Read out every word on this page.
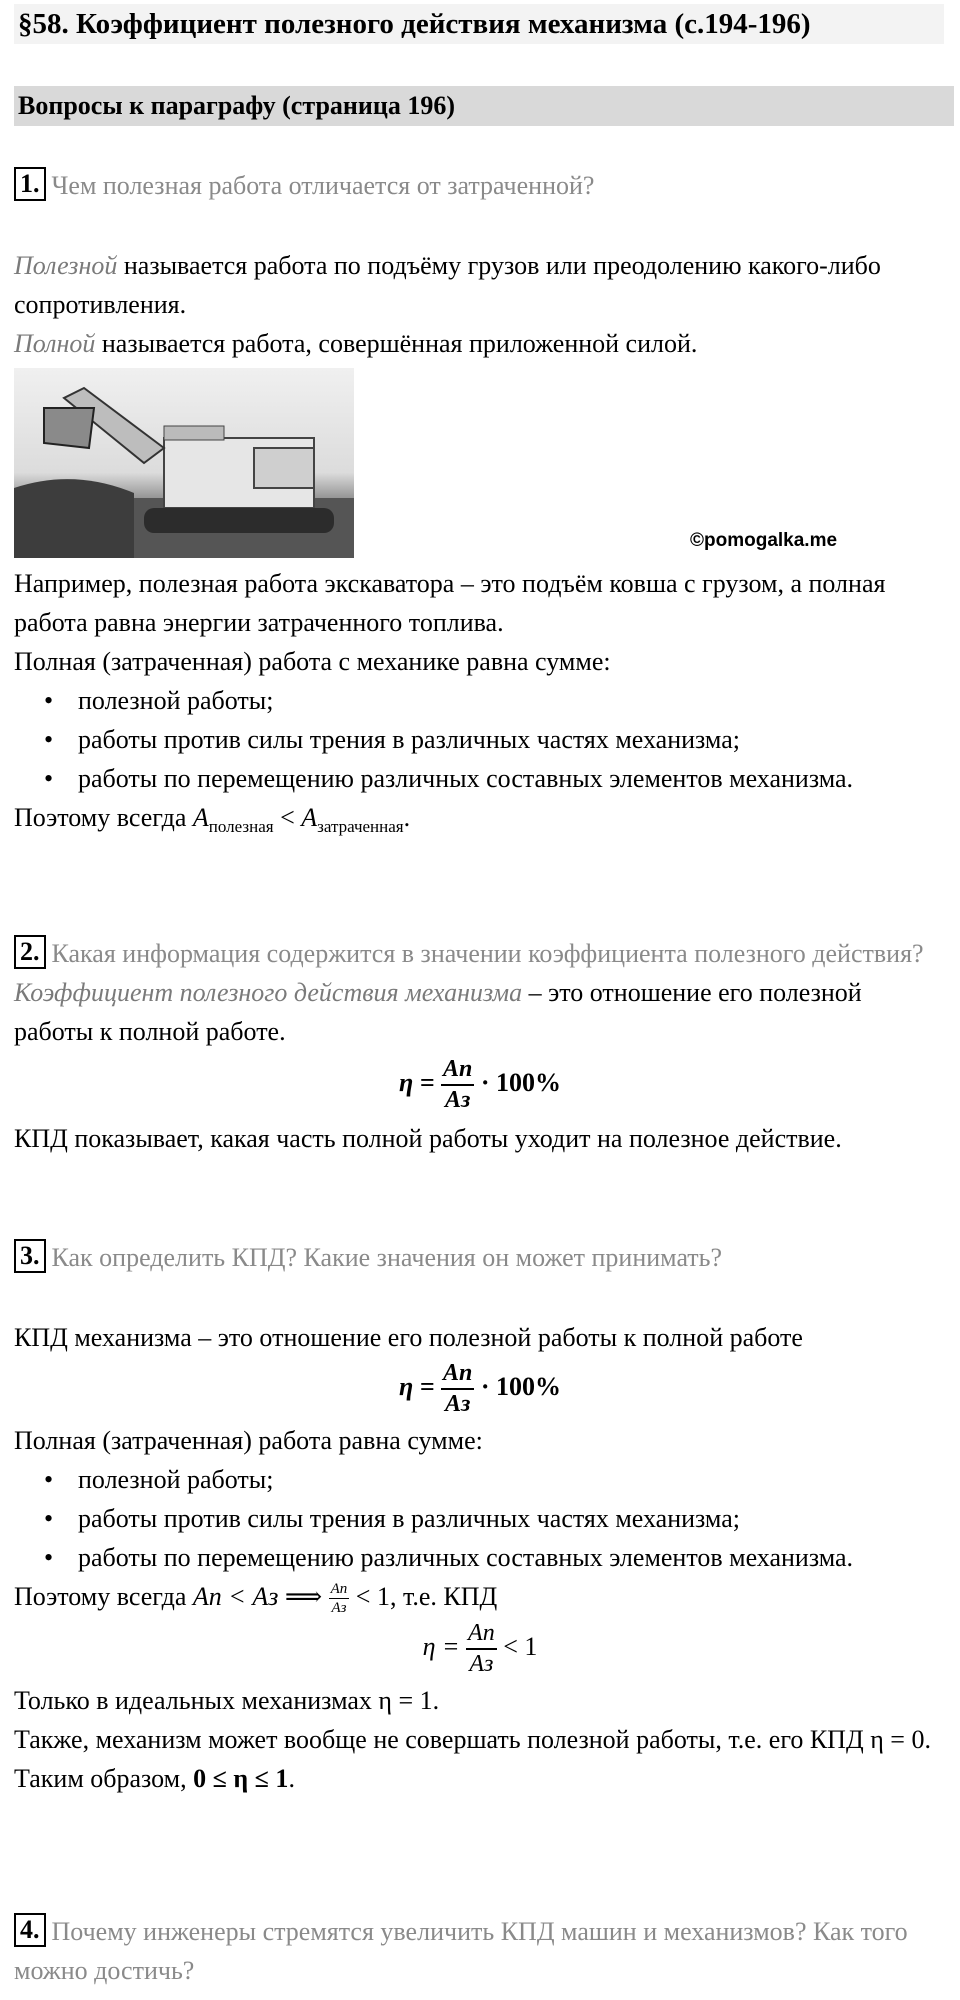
§58. Коэффициент полезного действия механизма (с.194-196)
Вопросы к параграфу (страница 196)

1. Чем полезная работа отличается от затраченной?

Полезной называется работа по подъёму грузов или преодолению какого-либо сопротивления.

Полной называется работа, совершённая приложенной силой.

©pomogalka.me

Например, полезная работа экскаватора – это подъём ковша с грузом, а полная работа равна энергии затраченного топлива.

Полная (затраченная) работа с механике равна сумме:

• полезной работы;
• работы против силы трения в различных частях механизма;
• работы по перемещению различных составных элементов механизма.

Поэтому всегда $A_{полезная} < A_{затраченная}$.

2. Какая информация содержится в значении коэффициента полезного действия?

Коэффициент полезного действия механизма – это отношение его полезной работы к полной работе.

$\eta = \frac{Aп}{Aз} \cdot 100\%$

КПД показывает, какая часть полной работы уходит на полезное действие.

3. Как определить КПД? Какие значения он может принимать?

КПД механизма – это отношение его полезной работы к полной работе

$\eta = \frac{Aп}{Aз} \cdot 100\%$

Полная (затраченная) работа равна сумме:

• полезной работы;
• работы против силы трения в различных частях механизма;
• работы по перемещению различных составных элементов механизма.

Поэтому всегда Aп < Aз ⟹ $\frac{Aп}{Aз} < 1$, т.е. КПД

$\eta = \frac{Aп}{Aз} < 1$

Только в идеальных механизмах η = 1.

Также, механизм может вообще не совершать полезной работы, т.е. его КПД η = 0.

Таким образом, 0 ≤ η ≤ 1.

4. Почему инженеры стремятся увеличить КПД машин и механизмов? Как того можно достичь?
